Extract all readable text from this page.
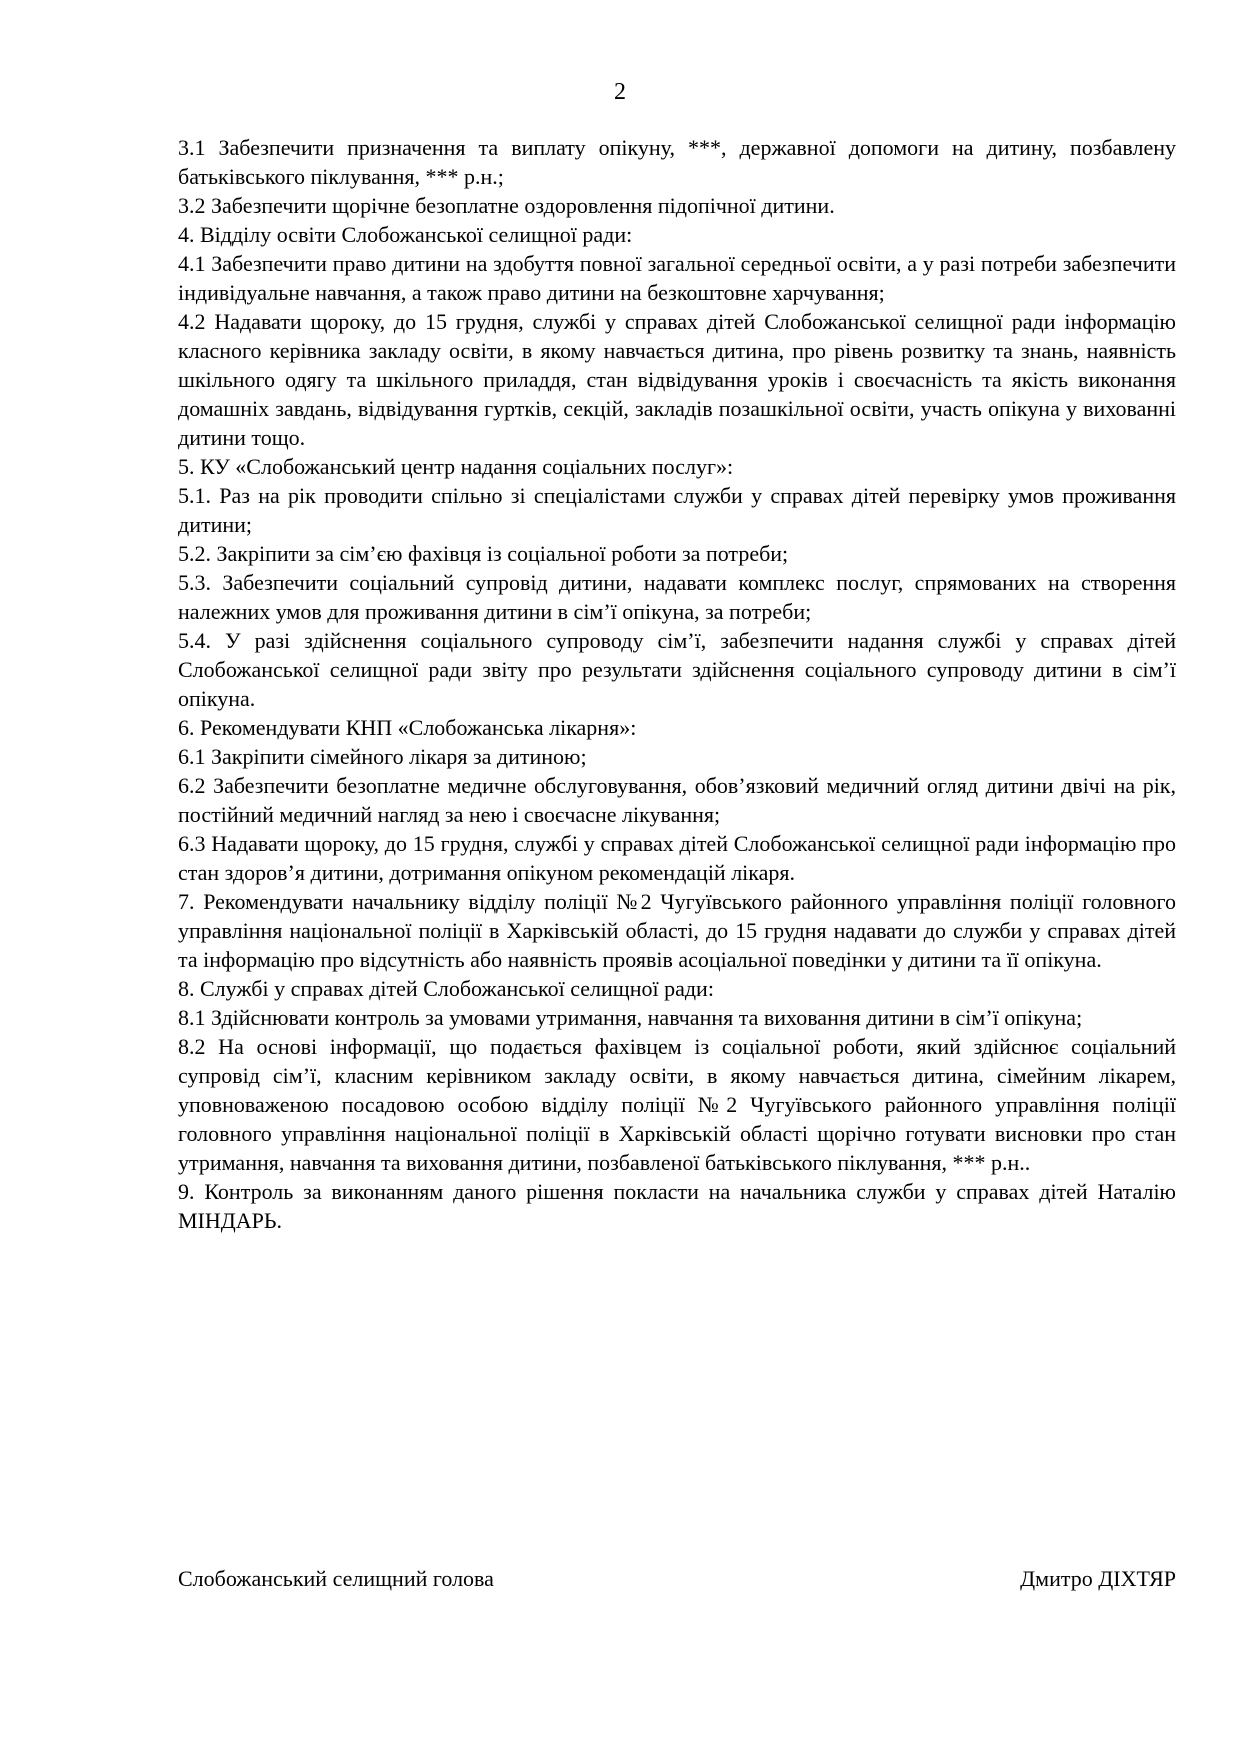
2

3.1 Забезпечити призначення та виплату опікуну, ***, державної допомоги на дитину, позбавлену батьківського піклування, *** р.н.;

3.2 Забезпечити щорічне безоплатне оздоровлення підопічної дитини.

4. Відділу освіти Слобожанської селищної ради:

4.1 Забезпечити право дитини на здобуття повної загальної середньої освіти, а у разі потреби забезпечити індивідуальне навчання, а також право дитини на безкоштовне харчування;

4.2 Надавати щороку, до 15 грудня, службі у справах дітей Слобожанської селищної ради інформацію класного керівника закладу освіти, в якому навчається дитина, про рівень розвитку та знань, наявність шкільного одягу та шкільного приладдя, стан відвідування уроків і своєчасність та якість виконання домашніх завдань, відвідування гуртків, секцій, закладів позашкільної освіти, участь опікуна у вихованні дитини тощо.

5. КУ «Слобожанський центр надання соціальних послуг»:

5.1. Раз на рік проводити спільно зі спеціалістами служби у справах дітей перевірку умов проживання дитини;

5.2. Закріпити за сім’єю фахівця із соціальної роботи за потреби;

5.3. Забезпечити соціальний супровід дитини, надавати комплекс послуг, спрямованих на створення належних умов для проживання дитини в сім’ї опікуна, за потреби;

5.4. У разі здійснення соціального супроводу сім’ї, забезпечити надання службі у справах дітей Слобожанської селищної ради звіту про результати здійснення соціального супроводу дитини в сім’ї опікуна.

6. Рекомендувати КНП «Слобожанська лікарня»:

6.1 Закріпити сімейного лікаря за дитиною;

6.2 Забезпечити безоплатне медичне обслуговування, обов’язковий медичний огляд дитини двічі на рік, постійний медичний нагляд за нею і своєчасне лікування;

6.3 Надавати щороку, до 15 грудня, службі у справах дітей Слобожанської селищної ради інформацію про стан здоров’я дитини, дотримання опікуном рекомендацій лікаря.

7. Рекомендувати начальнику відділу поліції №2 Чугуївського районного управління поліції головного управління національної поліції в Харківській області, до 15 грудня надавати до служби у справах дітей та інформацію про відсутність або наявність проявів асоціальної поведінки у дитини та її опікуна.

8. Службі у справах дітей Слобожанської селищної ради:

8.1 Здійснювати контроль за умовами утримання, навчання та виховання дитини в сім’ї опікуна;

8.2 На основі інформації, що подається фахівцем із соціальної роботи, який здійснює соціальний супровід сім’ї, класним керівником закладу освіти, в якому навчається дитина, сімейним лікарем, уповноваженою посадовою особою відділу поліції №2 Чугуївського районного управління поліції головного управління національної поліції в Харківській області щорічно готувати висновки про стан утримання, навчання та виховання дитини, позбавленої батьківського піклування, *** р.н..

9. Контроль за виконанням даного рішення покласти на начальника служби у справах дітей Наталію МІНДАРЬ.

Слобожанський селищний голова	Дмитро ДІХТЯР
